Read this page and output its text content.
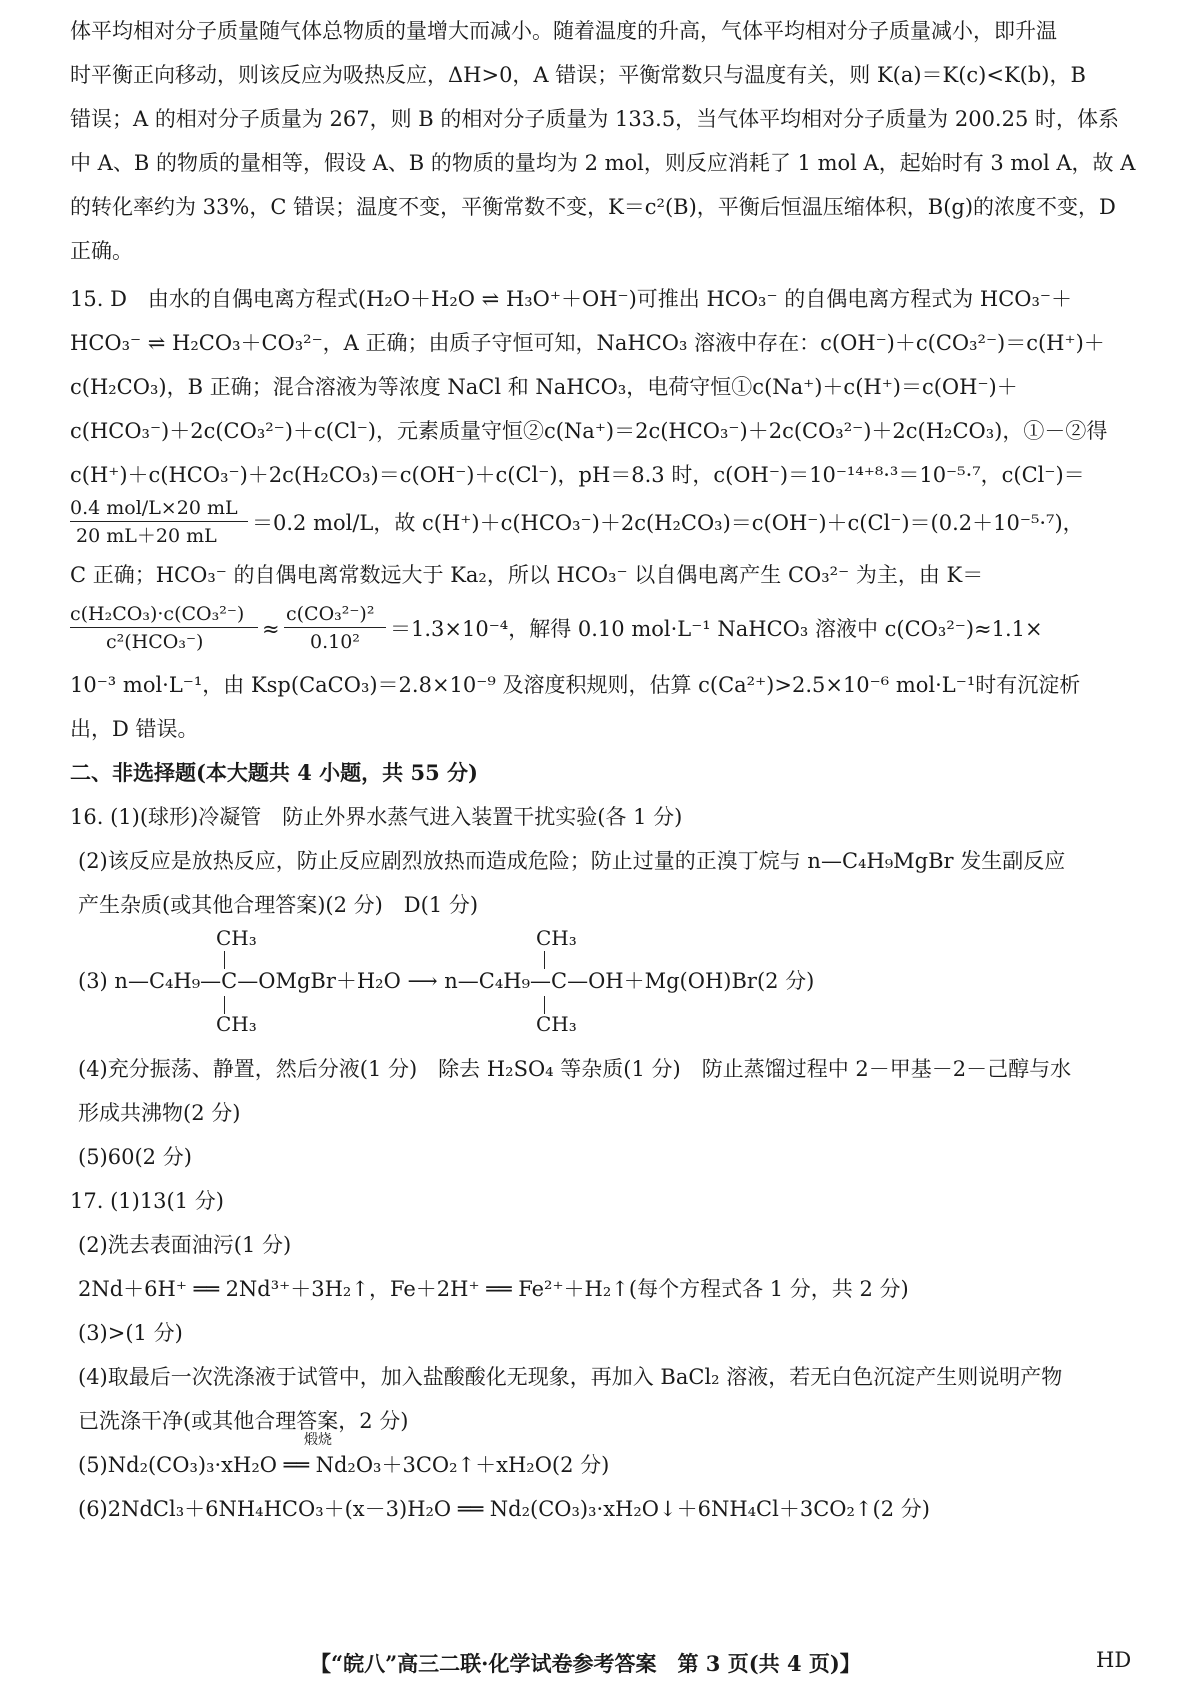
体平均相对分子质量随气体总物质的量增大而减小。随着温度的升高，气体平均相对分子质量减小，即升温
时平衡正向移动，则该反应为吸热反应，ΔH>0，A 错误；平衡常数只与温度有关，则 K(a)＝K(c)<K(b)，B
错误；A 的相对分子质量为 267，则 B 的相对分子质量为 133.5，当气体平均相对分子质量为 200.25 时，体系
中 A、B 的物质的量相等，假设 A、B 的物质的量均为 2 mol，则反应消耗了 1 mol A，起始时有 3 mol A，故 A
的转化率约为 33%，C 错误；温度不变，平衡常数不变，K＝c²(B)，平衡后恒温压缩体积，B(g)的浓度不变，D
正确。
15. D　由水的自偶电离方程式(H₂O＋H₂O ⇌ H₃O⁺＋OH⁻)可推出 HCO₃⁻ 的自偶电离方程式为 HCO₃⁻＋
HCO₃⁻ ⇌ H₂CO₃＋CO₃²⁻，A 正确；由质子守恒可知，NaHCO₃ 溶液中存在：c(OH⁻)＋c(CO₃²⁻)＝c(H⁺)＋
c(H₂CO₃)，B 正确；混合溶液为等浓度 NaCl 和 NaHCO₃，电荷守恒①c(Na⁺)＋c(H⁺)＝c(OH⁻)＋
c(HCO₃⁻)＋2c(CO₃²⁻)＋c(Cl⁻)，元素质量守恒②c(Na⁺)＝2c(HCO₃⁻)＋2c(CO₃²⁻)＋2c(H₂CO₃)，①－②得
c(H⁺)＋c(HCO₃⁻)＋2c(H₂CO₃)＝c(OH⁻)＋c(Cl⁻)，pH＝8.3 时，c(OH⁻)＝10⁻¹⁴⁺⁸·³＝10⁻⁵·⁷，c(Cl⁻)＝
0.4 mol/L×20 mL
20 mL＋20 mL
＝0.2 mol/L，故 c(H⁺)＋c(HCO₃⁻)＋2c(H₂CO₃)＝c(OH⁻)＋c(Cl⁻)＝(0.2＋10⁻⁵·⁷)，
C 正确；HCO₃⁻ 的自偶电离常数远大于 Ka₂，所以 HCO₃⁻ 以自偶电离产生 CO₃²⁻ 为主，由 K＝
c(H₂CO₃)·c(CO₃²⁻)
c²(HCO₃⁻)
≈
c(CO₃²⁻)²
0.10²
＝1.3×10⁻⁴，解得 0.10 mol·L⁻¹ NaHCO₃ 溶液中 c(CO₃²⁻)≈1.1×
10⁻³ mol·L⁻¹，由 Ksp(CaCO₃)＝2.8×10⁻⁹ 及溶度积规则，估算 c(Ca²⁺)>2.5×10⁻⁶ mol·L⁻¹时有沉淀析
出，D 错误。
二、非选择题(本大题共 4 小题，共 55 分)
16. (1)(球形)冷凝管　防止外界水蒸气进入装置干扰实验(各 1 分)
(2)该反应是放热反应，防止反应剧烈放热而造成危险；防止过量的正溴丁烷与 n—C₄H₉MgBr 发生副反应
产生杂质(或其他合理答案)(2 分)　D(1 分)
CH₃	CH₃
(3) n—C₄H₉—C—OMgBr＋H₂O ⟶ n—C₄H₉—C—OH＋Mg(OH)Br(2 分)
CH₃	CH₃
(4)充分振荡、静置，然后分液(1 分)　除去 H₂SO₄ 等杂质(1 分)　防止蒸馏过程中 2－甲基－2－己醇与水
形成共沸物(2 分)
(5)60(2 分)
17. (1)13(1 分)
(2)洗去表面油污(1 分)
2Nd＋6H⁺ ══ 2Nd³⁺＋3H₂↑，Fe＋2H⁺ ══ Fe²⁺＋H₂↑(每个方程式各 1 分，共 2 分)
(3)>(1 分)
(4)取最后一次洗涤液于试管中，加入盐酸酸化无现象，再加入 BaCl₂ 溶液，若无白色沉淀产生则说明产物
已洗涤干净(或其他合理答案，2 分)
煅烧
(5)Nd₂(CO₃)₃·xH₂O ══ Nd₂O₃＋3CO₂↑＋xH₂O(2 分)
(6)2NdCl₃＋6NH₄HCO₃＋(x－3)H₂O ══ Nd₂(CO₃)₃·xH₂O↓＋6NH₄Cl＋3CO₂↑(2 分)
【“皖八”高三二联·化学试卷参考答案　第 3 页(共 4 页)】	HD
